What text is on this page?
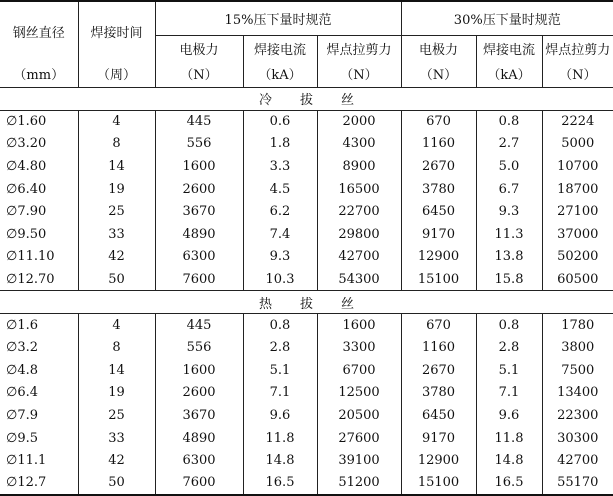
钢丝直径	焊接时间	15%压下量时规范			30%压下量时规范		
		电极力	焊接电流	焊点拉剪力	电极力	焊接电流	焊点拉剪力
（mm）	（周）	（N）	（kA）	（N）	（N）	（kA）	（N）
冷拔丝							
∅1.60	4	445	0.6	2000	670	0.8	2224
∅3.20	8	556	1.8	4300	1160	2.7	5000
∅4.80	14	1600	3.3	8900	2670	5.0	10700
∅6.40	19	2600	4.5	16500	3780	6.7	18700
∅7.90	25	3670	6.2	22700	6450	9.3	27100
∅9.50	33	4890	7.4	29800	9170	11.3	37000
∅11.10	42	6300	9.3	42700	12900	13.8	50200
∅12.70	50	7600	10.3	54300	15100	15.8	60500
热拔丝							
∅1.6	4	445	0.8	1600	670	0.8	1780
∅3.2	8	556	2.8	3300	1160	2.8	3800
∅4.8	14	1600	5.1	6700	2670	5.1	7500
∅6.4	19	2600	7.1	12500	3780	7.1	13400
∅7.9	25	3670	9.6	20500	6450	9.6	22300
∅9.5	33	4890	11.8	27600	9170	11.8	30300
∅11.1	42	6300	14.8	39100	12900	14.8	42700
∅12.7	50	7600	16.5	51200	15100	16.5	55170
